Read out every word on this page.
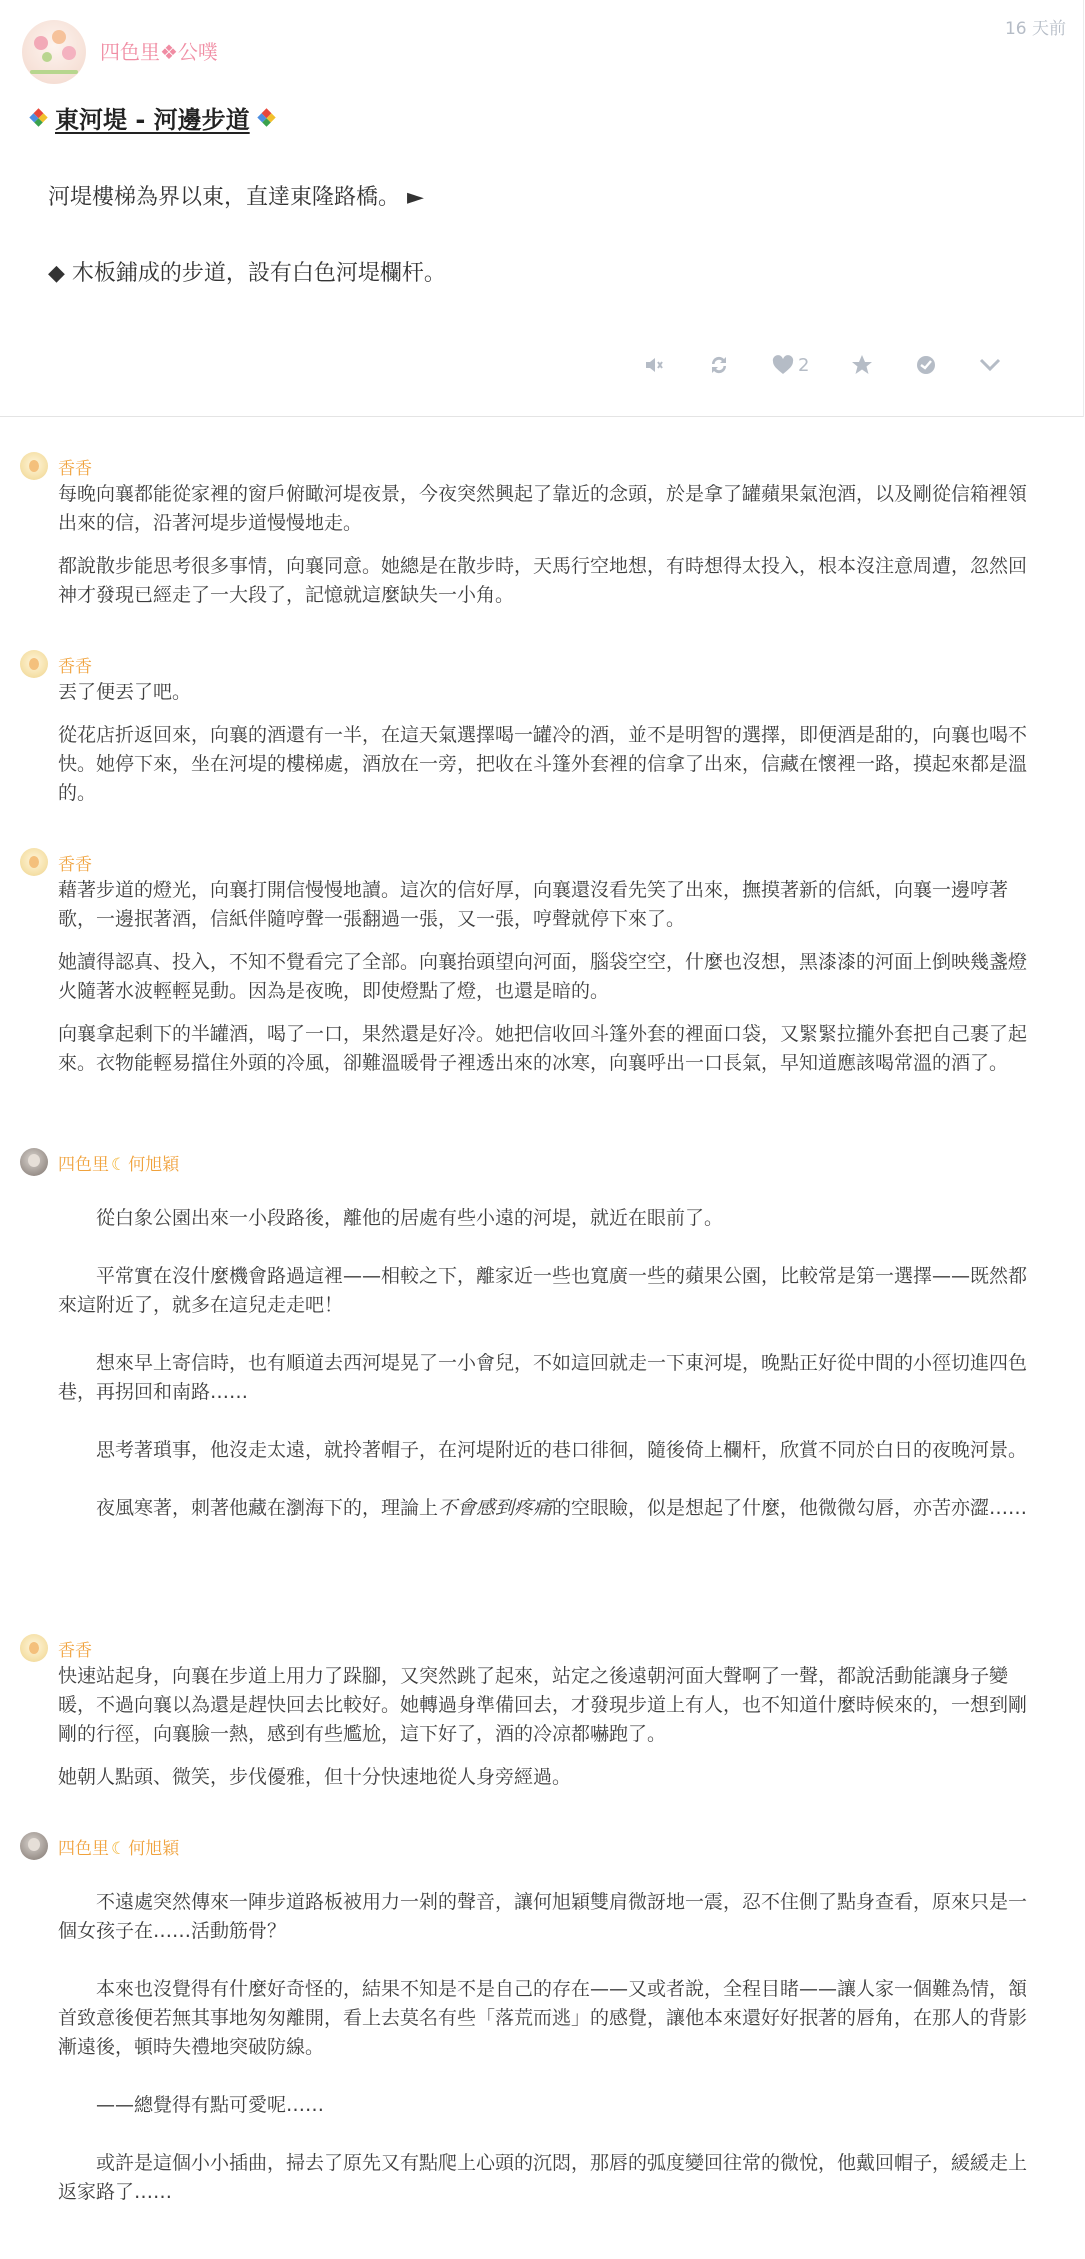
四色里❖公噗
16 天前
東河堤 - 河邊步道
河堤樓梯為界以東，直達東隆路橋。 ►
◆ 木板鋪成的步道，設有白色河堤欄杆。
2
香香

每晚向襄都能從家裡的窗戶俯瞰河堤夜景，今夜突然興起了靠近的念頭，於是拿了罐蘋果氣泡酒，以及剛從信箱裡領出來的信，沿著河堤步道慢慢地走。

都說散步能思考很多事情，向襄同意。她總是在散步時，天馬行空地想，有時想得太投入，根本沒注意周遭，忽然回神才發現已經走了一大段了，記憶就這麼缺失一小角。

香香

丟了便丟了吧。

從花店折返回來，向襄的酒還有一半，在這天氣選擇喝一罐冷的酒，並不是明智的選擇，即便酒是甜的，向襄也喝不快。她停下來，坐在河堤的樓梯處，酒放在一旁，把收在斗篷外套裡的信拿了出來，信藏在懷裡一路，摸起來都是溫的。

香香

藉著步道的燈光，向襄打開信慢慢地讀。這次的信好厚，向襄還沒看先笑了出來，撫摸著新的信紙，向襄一邊哼著歌，一邊抿著酒，信紙伴隨哼聲一張翻過一張，又一張，哼聲就停下來了。

她讀得認真、投入，不知不覺看完了全部。向襄抬頭望向河面，腦袋空空，什麼也沒想，黑漆漆的河面上倒映幾盞燈火隨著水波輕輕晃動。因為是夜晚，即使燈點了燈，也還是暗的。

向襄拿起剩下的半罐酒，喝了一口，果然還是好冷。她把信收回斗篷外套的裡面口袋，又緊緊拉攏外套把自己裹了起來。衣物能輕易擋住外頭的冷風，卻難溫暖骨子裡透出來的冰寒，向襄呼出一口長氣，早知道應該喝常溫的酒了。

四色里 ☾ 何旭穎

從白象公園出來一小段路後，離他的居處有些小遠的河堤，就近在眼前了。

平常實在沒什麼機會路過這裡——相較之下，離家近一些也寬廣一些的蘋果公園，比較常是第一選擇——既然都來這附近了，就多在這兒走走吧！

想來早上寄信時，也有順道去西河堤晃了一小會兒，不如這回就走一下東河堤，晚點正好從中間的小徑切進四色巷，再拐回和南路……

思考著瑣事，他沒走太遠，就拎著帽子，在河堤附近的巷口徘徊，隨後倚上欄杆，欣賞不同於白日的夜晚河景。

夜風寒著，刺著他藏在瀏海下的，理論上不會感到疼痛的空眼瞼，似是想起了什麼，他微微勾唇，亦苦亦澀……

香香

快速站起身，向襄在步道上用力了跺腳，又突然跳了起來，站定之後遠朝河面大聲啊了一聲，都說活動能讓身子變暖，不過向襄以為還是趕快回去比較好。她轉過身準備回去，才發現步道上有人，也不知道什麼時候來的，一想到剛剛的行徑，向襄臉一熱，感到有些尷尬，這下好了，酒的冷凉都嚇跑了。

她朝人點頭、微笑，步伐優雅，但十分快速地從人身旁經過。

四色里 ☾ 何旭穎

不遠處突然傳來一陣步道路板被用力一剁的聲音，讓何旭穎雙肩微訝地一震，忍不住側了點身查看，原來只是一個女孩子在……活動筋骨？

本來也沒覺得有什麼好奇怪的，結果不知是不是自己的存在——又或者說，全程目睹——讓人家一個難為情，頷首致意後便若無其事地匆匆離開，看上去莫名有些「落荒而逃」的感覺，讓他本來還好好抿著的唇角，在那人的背影漸遠後，頓時失禮地突破防線。

——總覺得有點可愛呢……

或許是這個小小插曲，掃去了原先又有點爬上心頭的沉悶，那唇的弧度變回往常的微悅，他戴回帽子，緩緩走上返家路了……
